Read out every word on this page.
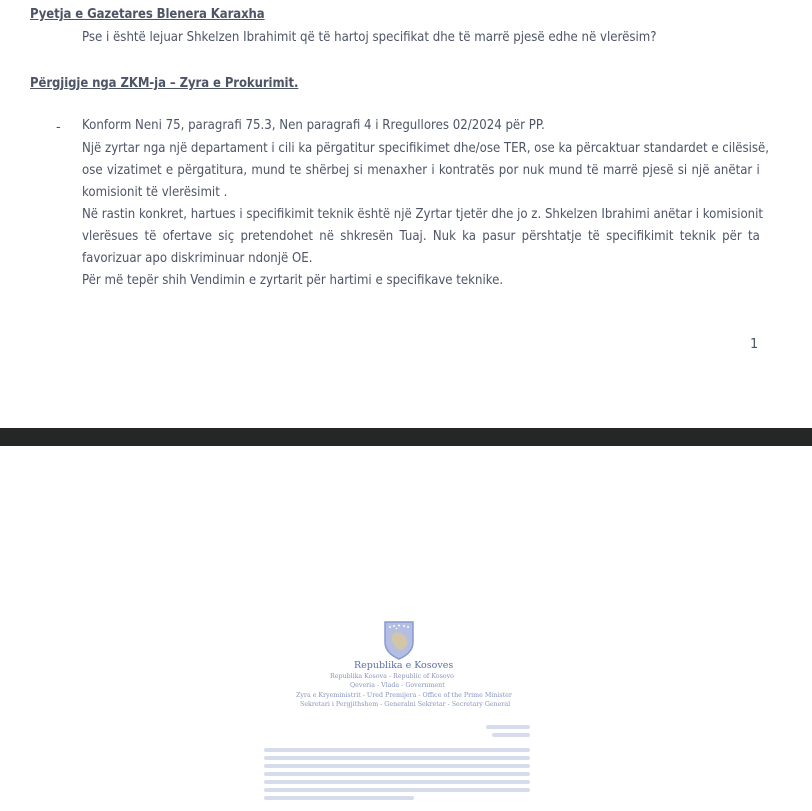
Pyetja e Gazetares Blenera Karaxha
Pse i është lejuar Shkelzen Ibrahimit që të hartoj specifikat dhe të marrë pjesë edhe në vlerësim?
Përgjigje nga ZKM-ja – Zyra e Prokurimit.
- Konform Neni 75, paragrafi 75.3, Nen paragrafi 4 i Rregullores 02/2024 për PP.
Një zyrtar nga një departament i cili ka përgatitur specifikimet dhe/ose TER, ose ka përcaktuar standardet e cilësisë,
ose vizatimet e përgatitura, mund te shërbej si menaxher i kontratës por nuk mund të marrë pjesë si një anëtar i
komisionit të vlerësimit .
Në rastin konkret, hartues i specifikimit teknik është një Zyrtar tjetër dhe jo z. Shkelzen Ibrahimi anëtar i komisionit
vlerësues të ofertave siç pretendohet në shkresën Tuaj. Nuk ka pasur përshtatje të specifikimit teknik për ta
favorizuar apo diskriminuar ndonjë OE.
Për më tepër shih Vendimin e zyrtarit për hartimi e specifikave teknike.
1
Republika e Kosoves
Republika Kosova - Republic of Kosovo
Qeveria - Vlada - Government
Zyra e Kryeministrit - Ured Premijera - Office of the Prime Minister
Sekretari i Pergjithshem - Generalni Sekretar - Secretary General
